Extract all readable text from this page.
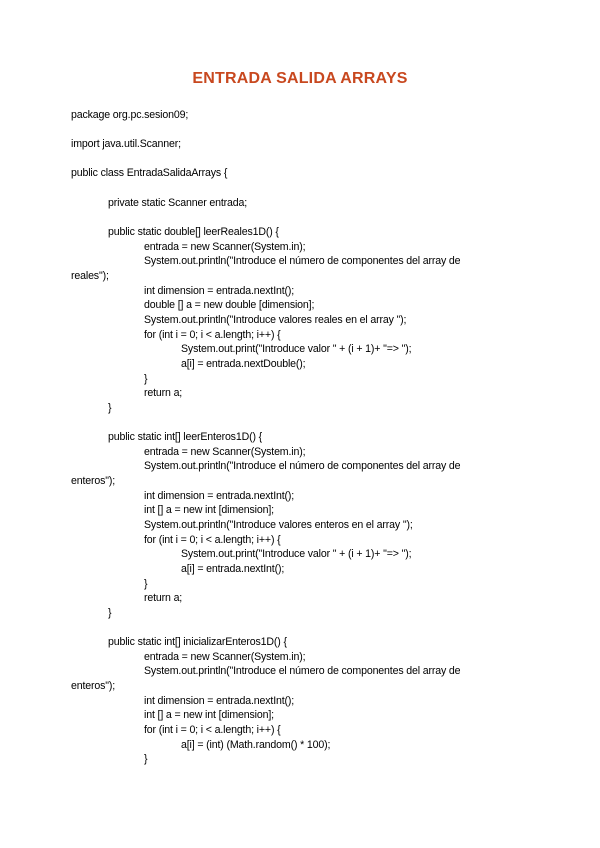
ENTRADA SALIDA ARRAYS
package org.pc.sesion09;
import java.util.Scanner;
public class EntradaSalidaArrays {
private static Scanner entrada;
public static double[] leerReales1D() {
entrada = new Scanner(System.in);
System.out.println("Introduce el número de componentes del array de
reales");
int dimension = entrada.nextInt();
double [] a = new double [dimension];
System.out.println("Introduce valores reales en el array ");
for (int i = 0; i < a.length; i++) {
System.out.print("Introduce valor " + (i + 1)+ "=> ");
a[i] = entrada.nextDouble();
}
return a;
}
public static int[] leerEnteros1D() {
entrada = new Scanner(System.in);
System.out.println("Introduce el número de componentes del array de
enteros");
int dimension = entrada.nextInt();
int [] a = new int [dimension];
System.out.println("Introduce valores enteros en el array ");
for (int i = 0; i < a.length; i++) {
System.out.print("Introduce valor " + (i + 1)+ "=> ");
a[i] = entrada.nextInt();
}
return a;
}
public static int[] inicializarEnteros1D() {
entrada = new Scanner(System.in);
System.out.println("Introduce el número de componentes del array de
enteros");
int dimension = entrada.nextInt();
int [] a = new int [dimension];
for (int i = 0; i < a.length; i++) {
a[i] = (int) (Math.random() * 100);
}
